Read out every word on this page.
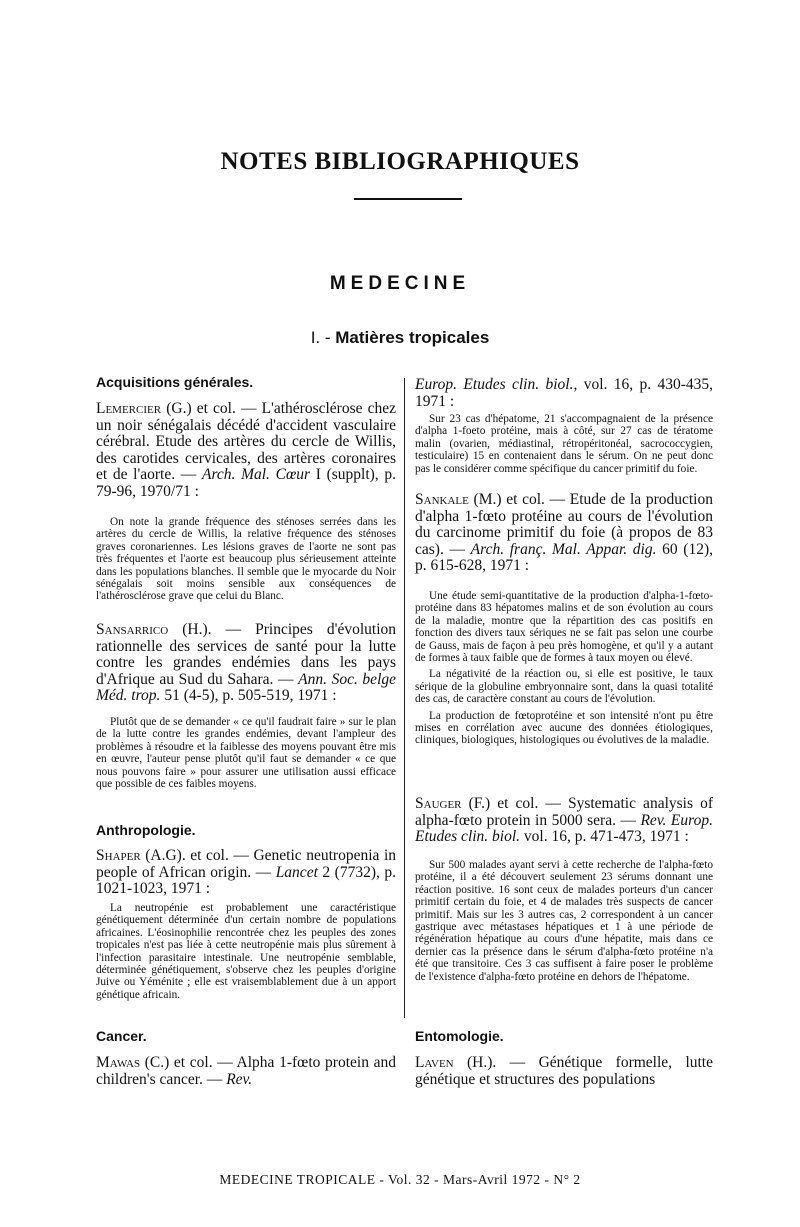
NOTES BIBLIOGRAPHIQUES
MEDECINE
I. - Matières tropicales
Acquisitions générales.
Lemercier (G.) et col. — L'athérosclérose chez un noir sénégalais décédé d'accident vasculaire cérébral. Etude des artères du cercle de Willis, des carotides cervicales, des artères coronaires et de l'aorte. — Arch. Mal. Cœur I (supplt), p. 79-96, 1970/71 :
On note la grande fréquence des sténoses serrées dans les artères du cercle de Willis, la relative fréquence des sténoses graves coronariennes. Les lésions graves de l'aorte ne sont pas très fréquentes et l'aorte est beaucoup plus sérieusement atteinte dans les populations blanches. Il semble que le myocarde du Noir sénégalais soit moins sensible aux conséquences de l'athérosclérose grave que celui du Blanc.
Sansarrico (H.). — Principes d'évolution rationnelle des services de santé pour la lutte contre les grandes endémies dans les pays d'Afrique au Sud du Sahara. — Ann. Soc. belge Méd. trop. 51 (4-5), p. 505-519, 1971 :
Plutôt que de se demander « ce qu'il faudrait faire » sur le plan de la lutte contre les grandes endémies, devant l'ampleur des problèmes à résoudre et la faiblesse des moyens pouvant être mis en œuvre, l'auteur pense plutôt qu'il faut se demander « ce que nous pouvons faire » pour assurer une utilisation aussi efficace que possible de ces faibles moyens.
Anthropologie.
Shaper (A.G). et col. — Genetic neutropenia in people of African origin. — Lancet 2 (7732), p. 1021-1023, 1971 :
La neutropénie est probablement une caractéristique génétiquement déterminée d'un certain nombre de populations africaines. L'éosinophilie rencontrée chez les peuples des zones tropicales n'est pas liée à cette neutropénie mais plus sûrement à l'infection parasitaire intestinale. Une neutropénie semblable, déterminée génétiquement, s'observe chez les peuples d'origine Juive ou Yéménite ; elle est vraisemblablement due à un apport génétique africain.
Cancer.
Mawas (C.) et col. — Alpha 1-fœto protein and children's cancer. — Rev.
Europ. Etudes clin. biol., vol. 16, p. 430-435, 1971 :
Sur 23 cas d'hépatome, 21 s'accompagnaient de la présence d'alpha 1-foeto protéine, mais à côté, sur 27 cas de tératome malin (ovarien, médiastinal, rétropéritonéal, sacrococcygien, testiculaire) 15 en contenaient dans le sérum. On ne peut donc pas le considérer comme spécifique du cancer primitif du foie.
Sankale (M.) et col. — Etude de la production d'alpha 1-fœto protéine au cours de l'évolution du carcinome primitif du foie (à propos de 83 cas). — Arch. franç. Mal. Appar. dig. 60 (12), p. 615-628, 1971 :

Une étude semi-quantitative de la production d'alpha-1-fœto-protéine dans 83 hépatomes malins et de son évolution au cours de la maladie, montre que la répartition des cas positifs en fonction des divers taux sériques ne se fait pas selon une courbe de Gauss, mais de façon à peu près homogène, et qu'il y a autant de formes à taux faible que de formes à taux moyen ou élevé.

La négativité de la réaction ou, si elle est positive, le taux sérique de la globuline embryonnaire sont, dans la quasi totalité des cas, de caractère constant au cours de l'évolution.

La production de fœtoprotéine et son intensité n'ont pu être mises en corrélation avec aucune des données étiologiques, cliniques, biologiques, histologiques ou évolutives de la maladie.

Sauger (F.) et col. — Systematic analysis of alpha-fœto protein in 5000 sera. — Rev. Europ. Etudes clin. biol. vol. 16, p. 471-473, 1971 :
Sur 500 malades ayant servi à cette recherche de l'alpha-fœto protéine, il a été découvert seulement 23 sérums donnant une réaction positive. 16 sont ceux de malades porteurs d'un cancer primitif certain du foie, et 4 de malades très suspects de cancer primitif. Mais sur les 3 autres cas, 2 correspondent à un cancer gastrique avec métastases hépatiques et 1 à une période de régénération hépatique au cours d'une hépatite, mais dans ce dernier cas la présence dans le sérum d'alpha-fœto protéine n'a été que transitoire. Ces 3 cas suffisent à faire poser le problème de l'existence d'alpha-fœto protéine en dehors de l'hépatome.
Entomologie.
Laven (H.). — Génétique formelle, lutte génétique et structures des populations
MEDECINE TROPICALE - Vol. 32 - Mars-Avril 1972 - N° 2
